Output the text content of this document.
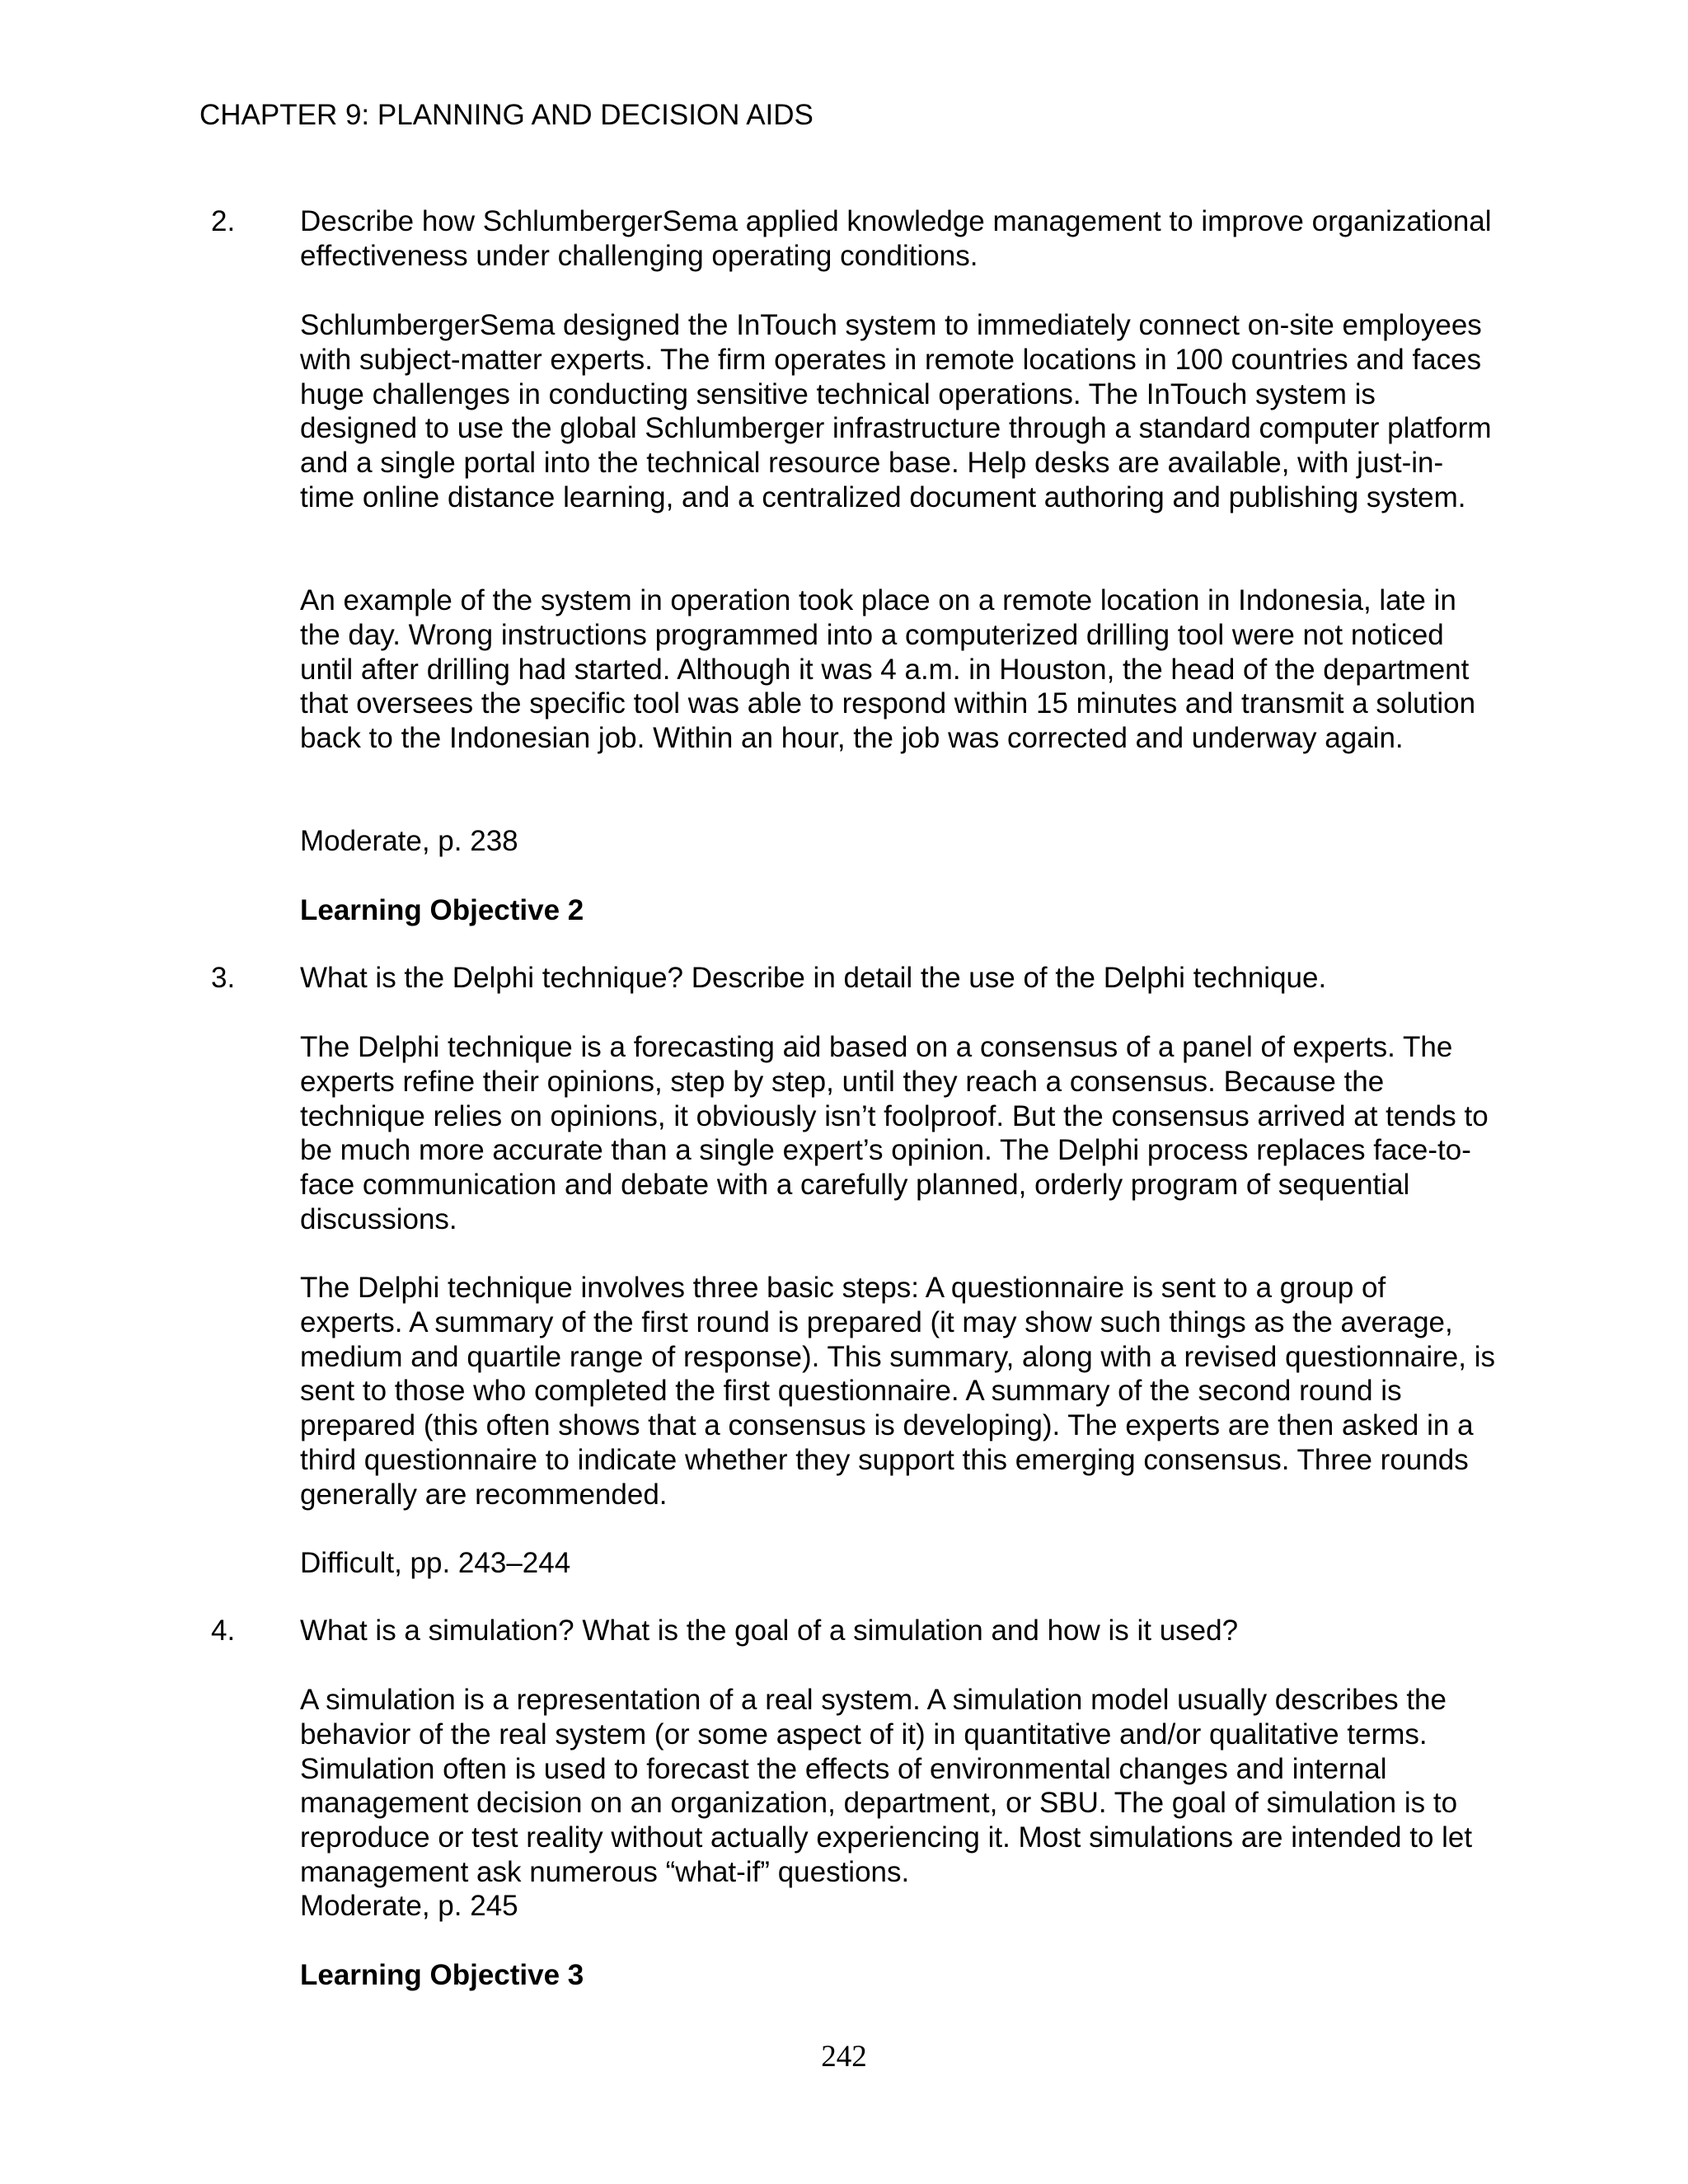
CHAPTER 9: PLANNING AND DECISION AIDS
2. Describe how SchlumbergerSema applied knowledge management to improve organizational effectiveness under challenging operating conditions.

SchlumbergerSema designed the InTouch system to immediately connect on-site employees with subject-matter experts. The firm operates in remote locations in 100 countries and faces huge challenges in conducting sensitive technical operations. The InTouch system is designed to use the global Schlumberger infrastructure through a standard computer platform and a single portal into the technical resource base. Help desks are available, with just-in-time online distance learning, and a centralized document authoring and publishing system.

An example of the system in operation took place on a remote location in Indonesia, late in the day. Wrong instructions programmed into a computerized drilling tool were not noticed until after drilling had started. Although it was 4 a.m. in Houston, the head of the department that oversees the specific tool was able to respond within 15 minutes and transmit a solution back to the Indonesian job. Within an hour, the job was corrected and underway again.

Moderate, p. 238

Learning Objective 2
3. What is the Delphi technique? Describe in detail the use of the Delphi technique.

The Delphi technique is a forecasting aid based on a consensus of a panel of experts. The experts refine their opinions, step by step, until they reach a consensus. Because the technique relies on opinions, it obviously isn’t foolproof. But the consensus arrived at tends to be much more accurate than a single expert’s opinion. The Delphi process replaces face-to-face communication and debate with a carefully planned, orderly program of sequential discussions.

The Delphi technique involves three basic steps: A questionnaire is sent to a group of experts. A summary of the first round is prepared (it may show such things as the average, medium and quartile range of response). This summary, along with a revised questionnaire, is sent to those who completed the first questionnaire. A summary of the second round is prepared (this often shows that a consensus is developing). The experts are then asked in a third questionnaire to indicate whether they support this emerging consensus. Three rounds generally are recommended.

Difficult, pp. 243–244

4. What is a simulation? What is the goal of a simulation and how is it used?

A simulation is a representation of a real system. A simulation model usually describes the behavior of the real system (or some aspect of it) in quantitative and/or qualitative terms. Simulation often is used to forecast the effects of environmental changes and internal management decision on an organization, department, or SBU. The goal of simulation is to reproduce or test reality without actually experiencing it. Most simulations are intended to let management ask numerous “what-if” questions.

Moderate, p. 245

Learning Objective 3
242
